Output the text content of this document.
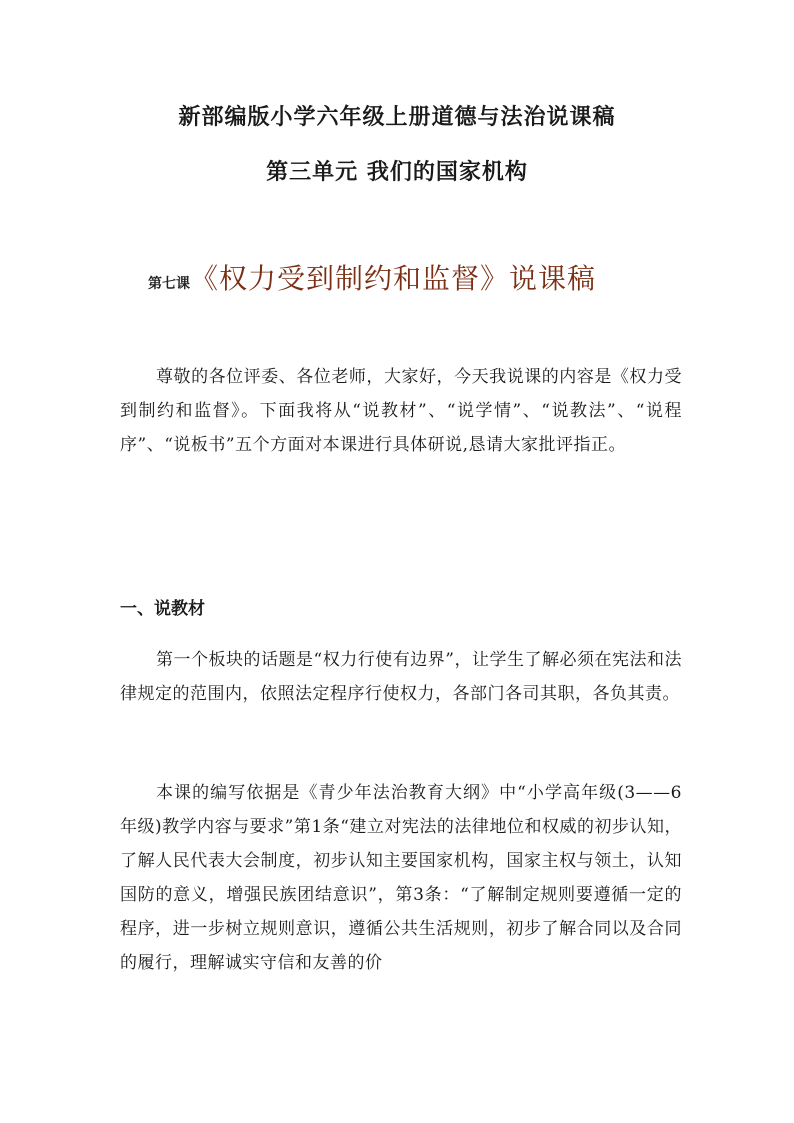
新部编版小学六年级上册道德与法治说课稿
第三单元 我们的国家机构
第七课《权力受到制约和监督》说课稿

尊敬的各位评委、各位老师，大家好，今天我说课的内容是《权力受到制约和监督》。下面我将从“说教材”、“说学情”、“说教法”、“说程序”、“说板书”五个方面对本课进行具体研说,恳请大家批评指正。

一、说教材

第一个板块的话题是“权力行使有边界”，让学生了解必须在宪法和法律规定的范围内，依照法定程序行使权力，各部门各司其职，各负其责。

本课的编写依据是《青少年法治教育大纲》中“小学高年级(3——6年级)教学内容与要求”第1条“建立对宪法的法律地位和权威的初步认知，了解人民代表大会制度，初步认知主要国家机构，国家主权与领土，认知国防的意义，增强民族团结意识”，第3条：“了解制定规则要遵循一定的程序，进一步树立规则意识，遵循公共生活规则，初步了解合同以及合同的履行，理解诚实守信和友善的价
